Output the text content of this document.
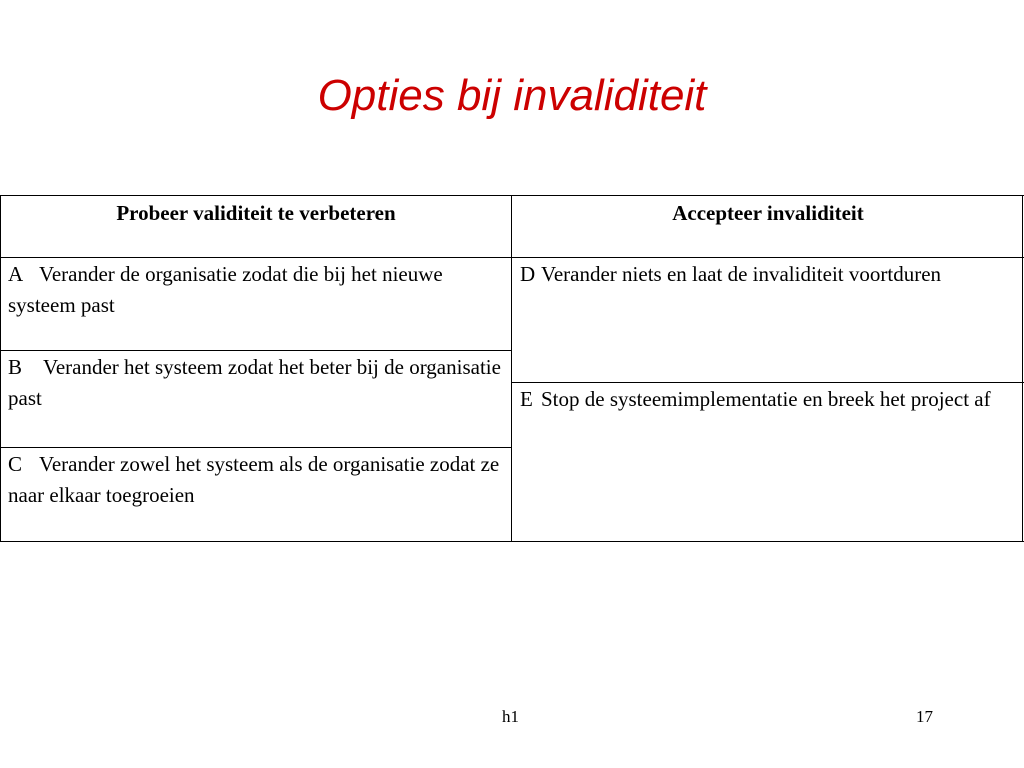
Opties bij invaliditeit
Probeer validiteit te verbeteren	Accepteer invaliditeit
A Verander de organisatie zodat die bij het nieuwe systeem past
B Verander het systeem zodat het beter bij de organisatie past
C Verander zowel het systeem als de organisatie zodat ze naar elkaar toegroeien
D Verander niets en laat de invaliditeit voortduren
E Stop de systeemimplementatie en breek het project af
h1	17
